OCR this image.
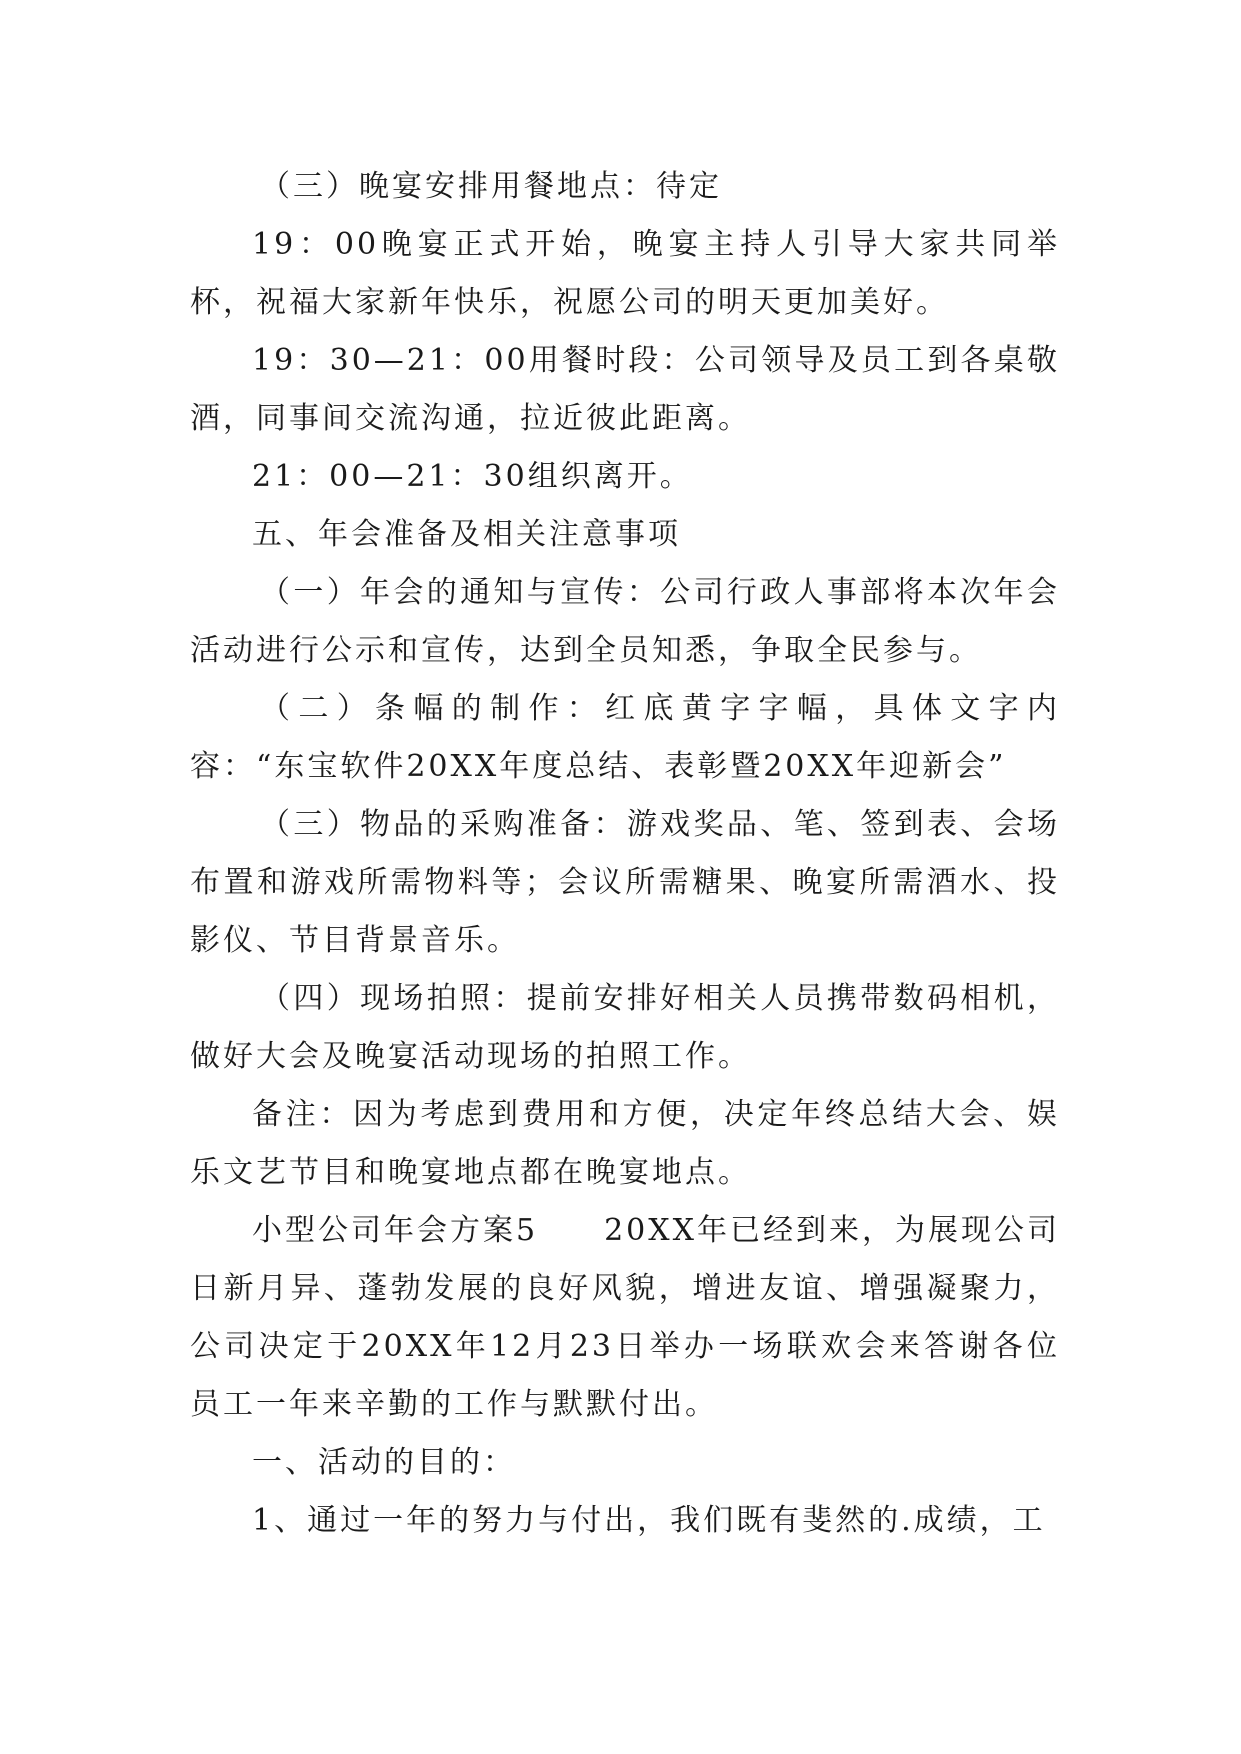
（三）晚宴安排用餐地点：待定

19：00晚宴正式开始，晚宴主持人引导大家共同举杯，祝福大家新年快乐，祝愿公司的明天更加美好。

19：30—21：00用餐时段：公司领导及员工到各桌敬酒，同事间交流沟通，拉近彼此距离。

21：00—21：30组织离开。

五、年会准备及相关注意事项

（一）年会的通知与宣传：公司行政人事部将本次年会活动进行公示和宣传，达到全员知悉，争取全民参与。

（二）条幅的制作：红底黄字字幅，具体文字内容：“东宝软件20XX年度总结、表彰暨20XX年迎新会”

（三）物品的采购准备：游戏奖品、笔、签到表、会场布置和游戏所需物料等；会议所需糖果、晚宴所需酒水、投影仪、节目背景音乐。

（四）现场拍照：提前安排好相关人员携带数码相机，做好大会及晚宴活动现场的拍照工作。

备注：因为考虑到费用和方便，决定年终总结大会、娱乐文艺节目和晚宴地点都在晚宴地点。

小型公司年会方案5　　20XX年已经到来，为展现公司日新月异、蓬勃发展的良好风貌，增进友谊、增强凝聚力，公司决定于20XX年12月23日举办一场联欢会来答谢各位员工一年来辛勤的工作与默默付出。

一、活动的目的：

1、通过一年的努力与付出，我们既有斐然的.成绩，工
